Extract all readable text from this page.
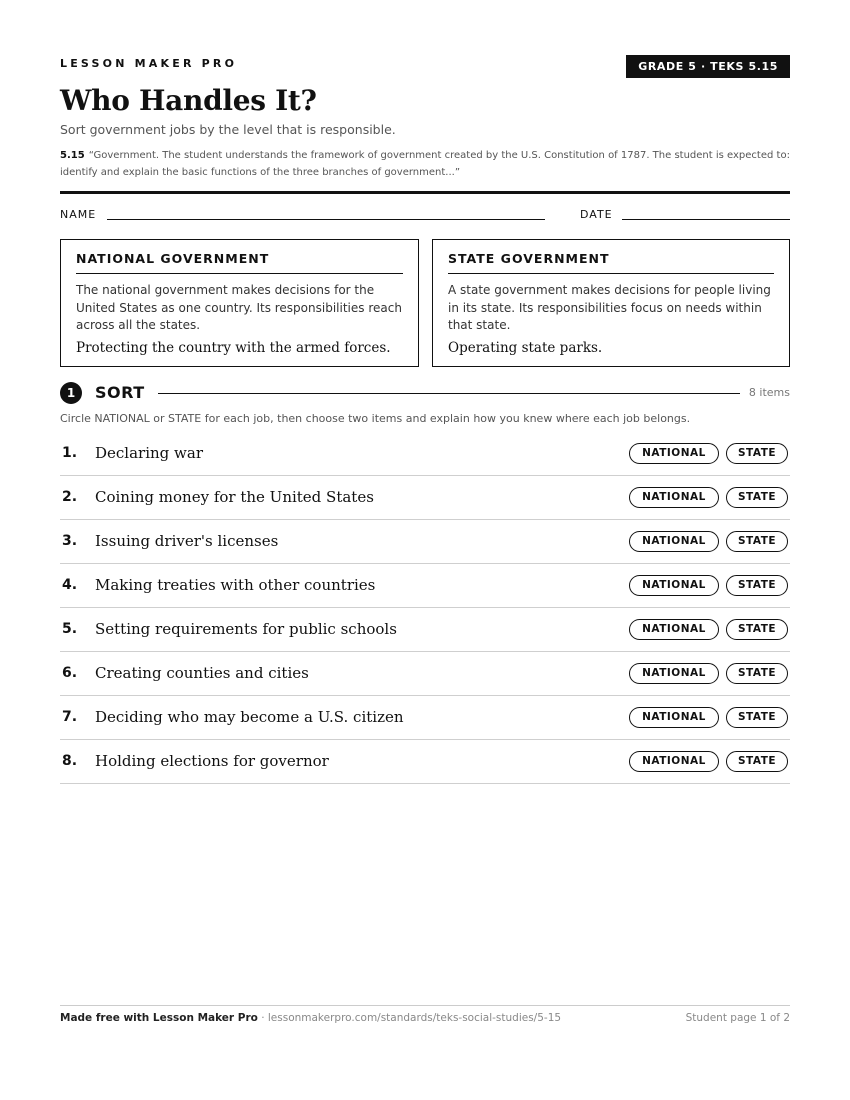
LESSON MAKER PRO	GRADE 5 · TEKS 5.15
Who Handles It?
Sort government jobs by the level that is responsible.
5.15 “Government. The student understands the framework of government created by the U.S. Constitution of 1787. The student is expected to: identify and explain the basic functions of the three branches of government...”
NAME	DATE
NATIONAL GOVERNMENT
The national government makes decisions for the United States as one country. Its responsibilities reach across all the states.
Protecting the country with the armed forces.
STATE GOVERNMENT
A state government makes decisions for people living in its state. Its responsibilities focus on needs within that state.
Operating state parks.
1	SORT	8 items
Circle NATIONAL or STATE for each job, then choose two items and explain how you knew where each job belongs.
1. Declaring war	NATIONAL	STATE
2. Coining money for the United States	NATIONAL	STATE
3. Issuing driver's licenses	NATIONAL	STATE
4. Making treaties with other countries	NATIONAL	STATE
5. Setting requirements for public schools	NATIONAL	STATE
6. Creating counties and cities	NATIONAL	STATE
7. Deciding who may become a U.S. citizen	NATIONAL	STATE
8. Holding elections for governor	NATIONAL	STATE
Made free with Lesson Maker Pro · lessonmakerpro.com/standards/teks-social-studies/5-15	Student page 1 of 2
